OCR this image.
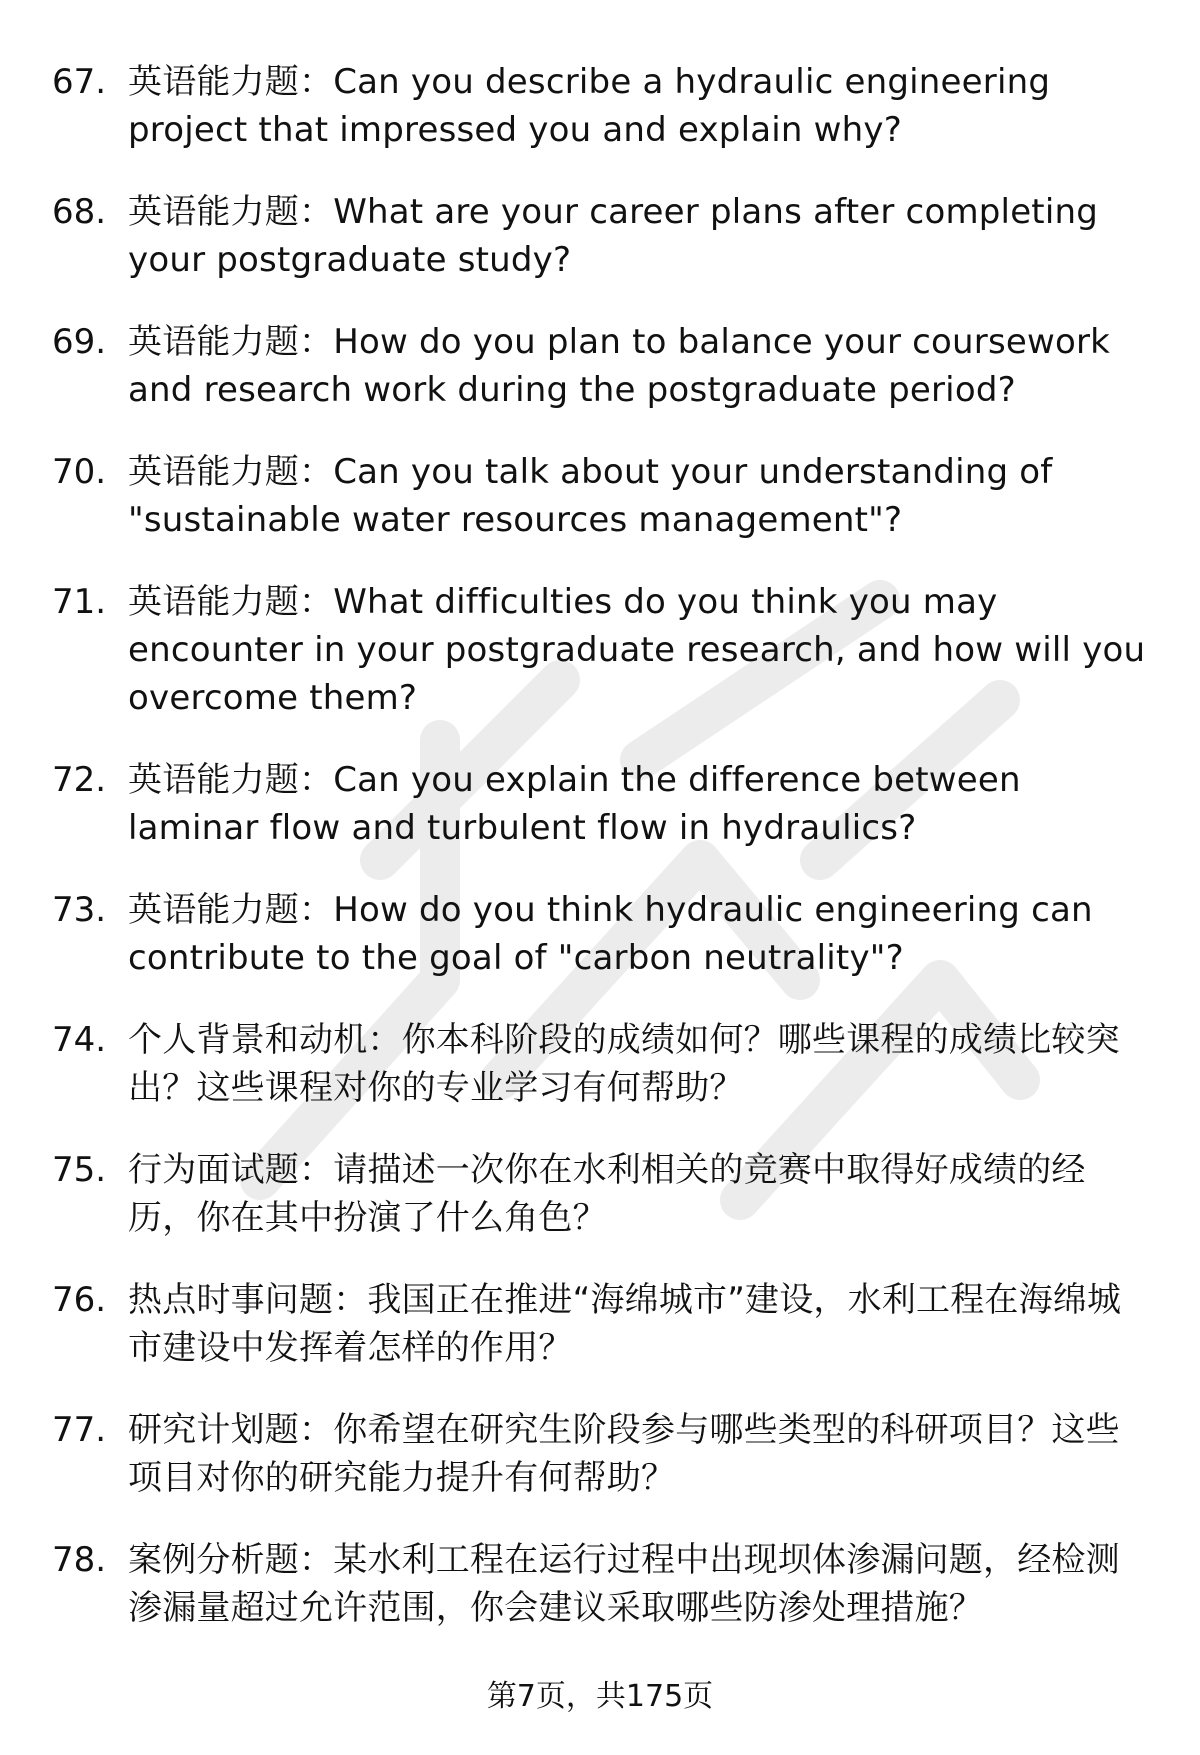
67. 英语能力题：Can you describe a hydraulic engineering project that impressed you and explain why?
68. 英语能力题：What are your career plans after completing your postgraduate study?
69. 英语能力题：How do you plan to balance your coursework and research work during the postgraduate period?
70. 英语能力题：Can you talk about your understanding of "sustainable water resources management"?
71. 英语能力题：What difficulties do you think you may encounter in your postgraduate research, and how will you overcome them?
72. 英语能力题：Can you explain the difference between laminar flow and turbulent flow in hydraulics?
73. 英语能力题：How do you think hydraulic engineering can contribute to the goal of "carbon neutrality"?
74. 个人背景和动机：你本科阶段的成绩如何？哪些课程的成绩比较突出？这些课程对你的专业学习有何帮助？
75. 行为面试题：请描述一次你在水利相关的竞赛中取得好成绩的经历，你在其中扮演了什么角色？
76. 热点时事问题：我国正在推进“海绵城市”建设，水利工程在海绵城市建设中发挥着怎样的作用？
77. 研究计划题：你希望在研究生阶段参与哪些类型的科研项目？这些项目对你的研究能力提升有何帮助？
78. 案例分析题：某水利工程在运行过程中出现坝体渗漏问题，经检测渗漏量超过允许范围，你会建议采取哪些防渗处理措施？
第7页，共175页
